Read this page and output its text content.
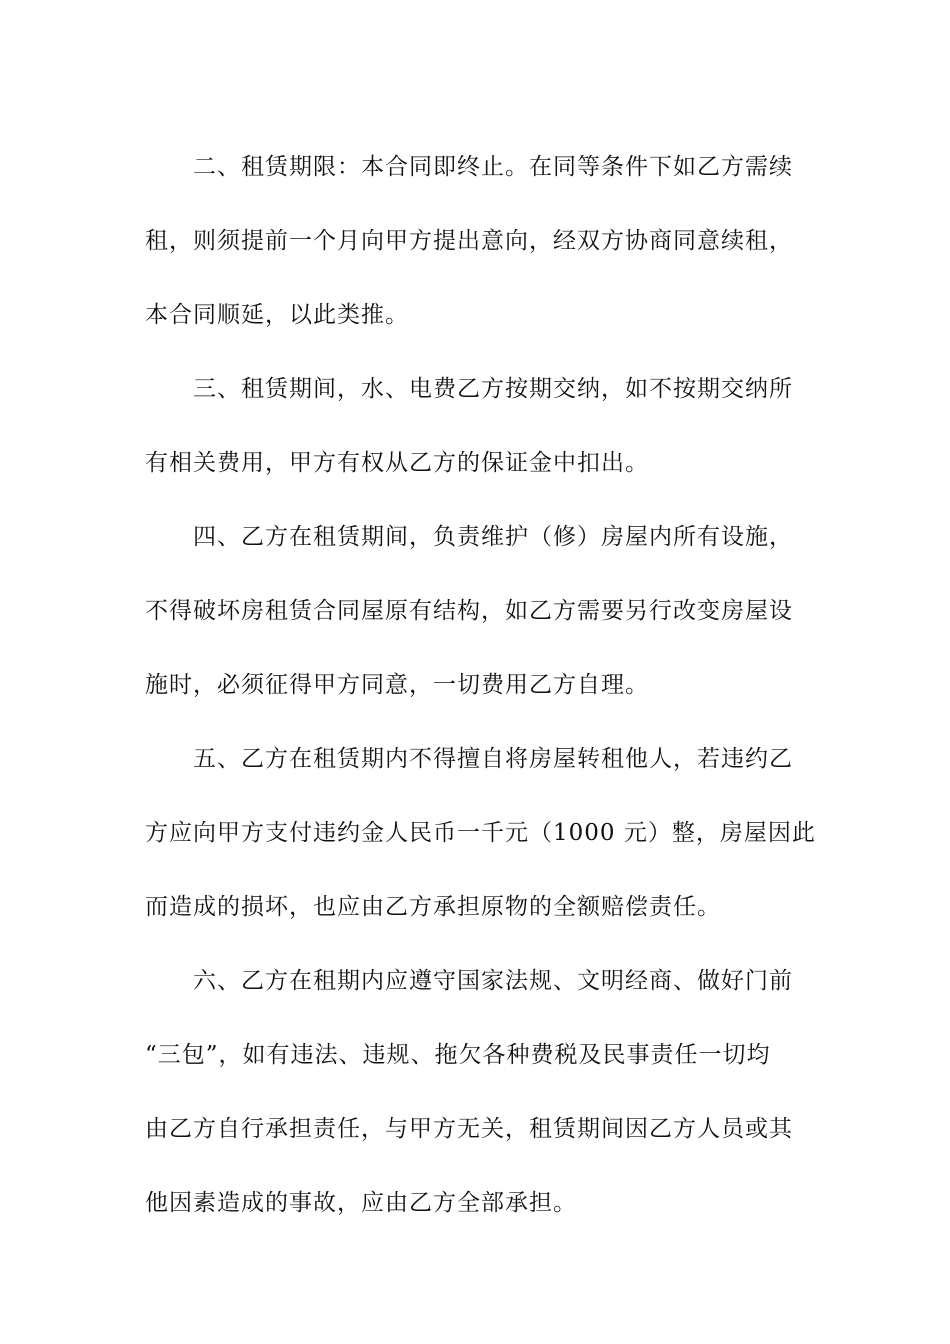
二、租赁期限：本合同即终止。在同等条件下如乙方需续
租，则须提前一个月向甲方提出意向，经双方协商同意续租，
本合同顺延，以此类推。

三、租赁期间，水、电费乙方按期交纳，如不按期交纳所
有相关费用，甲方有权从乙方的保证金中扣出。

四、乙方在租赁期间，负责维护（修）房屋内所有设施，
不得破坏房租赁合同屋原有结构，如乙方需要另行改变房屋设
施时，必须征得甲方同意，一切费用乙方自理。

五、乙方在租赁期内不得擅自将房屋转租他人，若违约乙
方应向甲方支付违约金人民币一千元（1000 元）整，房屋因此
而造成的损坏，也应由乙方承担原物的全额赔偿责任。

六、乙方在租期内应遵守国家法规、文明经商、做好门前
“三包”，如有违法、违规、拖欠各种费税及民事责任一切均
由乙方自行承担责任，与甲方无关，租赁期间因乙方人员或其
他因素造成的事故，应由乙方全部承担。
